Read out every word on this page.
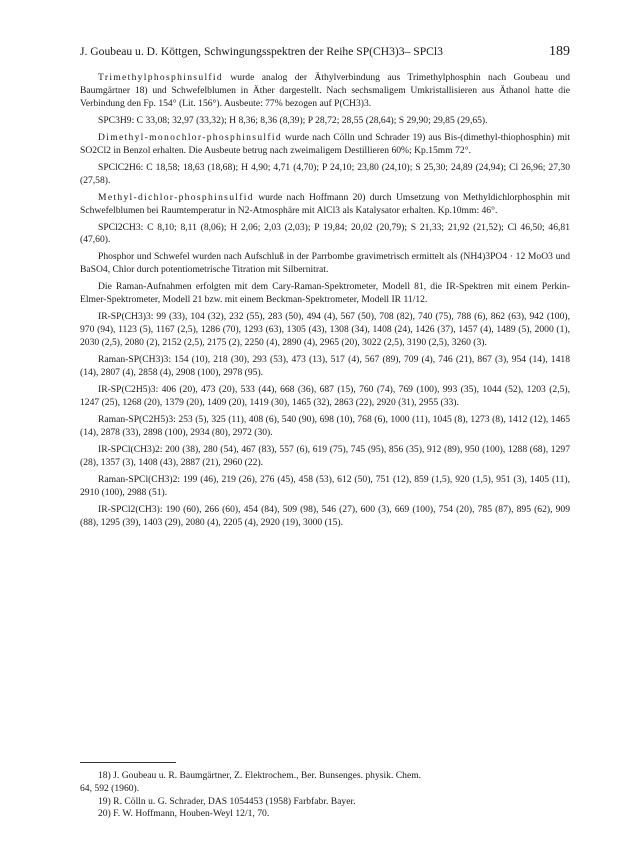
J. Goubeau u. D. Köttgen, Schwingungsspektren der Reihe SP(CH3)3– SPCl3	189

Trimethylphosphinsulfid wurde analog der Äthylverbindung aus Trimethylphosphin nach Goubeau und Baumgärtner 18) und Schwefelblumen in Äther dargestellt. Nach sechsmaligem Umkristallisieren aus Äthanol hatte die Verbindung den Fp. 154° (Lit. 156°). Ausbeute: 77% bezogen auf P(CH3)3.

SPC3H9: C 33,08; 32,97 (33,32); H 8,36; 8,36 (8,39); P 28,72; 28,55 (28,64); S 29,90; 29,85 (29,65).

Dimethyl-monochlor-phosphinsulfid wurde nach Cölln und Schrader 19) aus Bis-(dimethyl-thiophosphin) mit SO2Cl2 in Benzol erhalten. Die Ausbeute betrug nach zweimaligem Destillieren 60%; Kp.15mm 72°.

SPClC2H6: C 18,58; 18,63 (18,68); H 4,90; 4,71 (4,70); P 24,10; 23,80 (24,10); S 25,30; 24,89 (24,94); Cl 26,96; 27,30 (27,58).

Methyl-dichlor-phosphinsulfid wurde nach Hoffmann 20) durch Umsetzung von Methyldichlorphosphin mit Schwefelblumen bei Raumtemperatur in N2-Atmosphäre mit AlCl3 als Katalysator erhalten. Kp.10mm: 46°.

SPCl2CH3: C 8,10; 8,11 (8,06); H 2,06; 2,03 (2,03); P 19,84; 20,02 (20,79); S 21,33; 21,92 (21,52); Cl 46,50; 46,81 (47,60).

Phosphor und Schwefel wurden nach Aufschluß in der Parrbombe gravimetrisch ermittelt als (NH4)3PO4 · 12 MoO3 und BaSO4, Chlor durch potentiometrische Titration mit Silbernitrat.

Die Raman-Aufnahmen erfolgten mit dem Cary-Raman-Spektrometer, Modell 81, die IR-Spektren mit einem Perkin-Elmer-Spektrometer, Modell 21 bzw. mit einem Beckman-Spektrometer, Modell IR 11/12.

IR-SP(CH3)3: 99 (33), 104 (32), 232 (55), 283 (50), 494 (4), 567 (50), 708 (82), 740 (75), 788 (6), 862 (63), 942 (100), 970 (94), 1123 (5), 1167 (2,5), 1286 (70), 1293 (63), 1305 (43), 1308 (34), 1408 (24), 1426 (37), 1457 (4), 1489 (5), 2000 (1), 2030 (2,5), 2080 (2), 2152 (2,5), 2175 (2), 2250 (4), 2890 (4), 2965 (20), 3022 (2,5), 3190 (2,5), 3260 (3).

Raman-SP(CH3)3: 154 (10), 218 (30), 293 (53), 473 (13), 517 (4), 567 (89), 709 (4), 746 (21), 867 (3), 954 (14), 1418 (14), 2807 (4), 2858 (4), 2908 (100), 2978 (95).

IR-SP(C2H5)3: 406 (20), 473 (20), 533 (44), 668 (36), 687 (15), 760 (74), 769 (100), 993 (35), 1044 (52), 1203 (2,5), 1247 (25), 1268 (20), 1379 (20), 1409 (20), 1419 (30), 1465 (32), 2863 (22), 2920 (31), 2955 (33).

Raman-SP(C2H5)3: 253 (5), 325 (11), 408 (6), 540 (90), 698 (10), 768 (6), 1000 (11), 1045 (8), 1273 (8), 1412 (12), 1465 (14), 2878 (33), 2898 (100), 2934 (80), 2972 (30).

IR-SPCl(CH3)2: 200 (38), 280 (54), 467 (83), 557 (6), 619 (75), 745 (95), 856 (35), 912 (89), 950 (100), 1288 (68), 1297 (28), 1357 (3), 1408 (43), 2887 (21), 2960 (22).

Raman-SPCl(CH3)2: 199 (46), 219 (26), 276 (45), 458 (53), 612 (50), 751 (12), 859 (1,5), 920 (1,5), 951 (3), 1405 (11), 2910 (100), 2988 (51).

IR-SPCl2(CH3): 190 (60), 266 (60), 454 (84), 509 (98), 546 (27), 600 (3), 669 (100), 754 (20), 785 (87), 895 (62), 909 (88), 1295 (39), 1403 (29), 2080 (4), 2205 (4), 2920 (19), 3000 (15).

18) J. Goubeau u. R. Baumgärtner, Z. Elektrochem., Ber. Bunsenges. physik. Chem.
64, 592 (1960).
19) R. Cölln u. G. Schrader, DAS 1054453 (1958) Farbfabr. Bayer.
20) F. W. Hoffmann, Houben-Weyl 12/1, 70.
